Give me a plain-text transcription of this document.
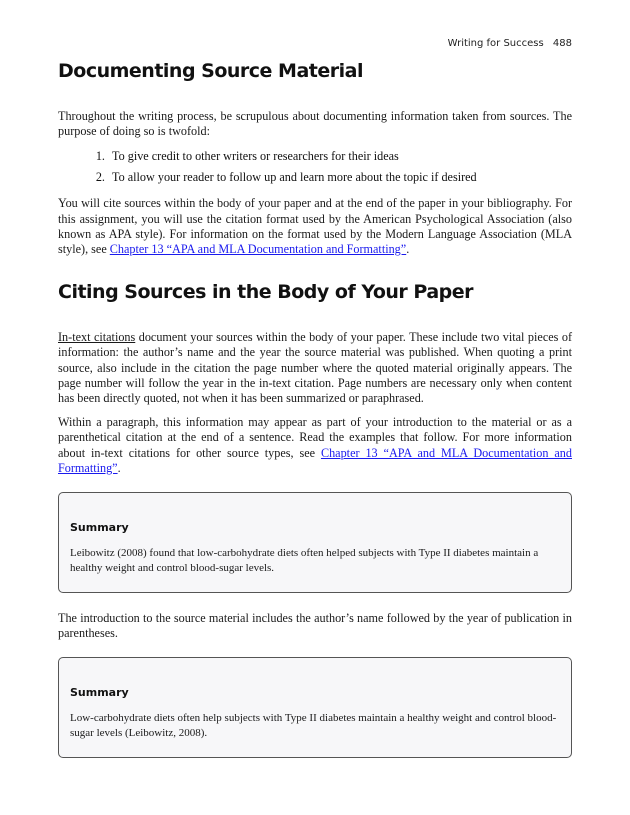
Writing for Success 488
Documenting Source Material

Throughout the writing process, be scrupulous about documenting information taken from sources. The purpose of doing so is twofold:

1. To give credit to other writers or researchers for their ideas
2. To allow your reader to follow up and learn more about the topic if desired

You will cite sources within the body of your paper and at the end of the paper in your bibliography. For this assignment, you will use the citation format used by the American Psychological Association (also known as APA style). For information on the format used by the Modern Language Association (MLA style), see Chapter 13 “APA and MLA Documentation and Formatting”.

Citing Sources in the Body of Your Paper

In-text citations document your sources within the body of your paper. These include two vital pieces of information: the author’s name and the year the source material was published. When quoting a print source, also include in the citation the page number where the quoted material originally appears. The page number will follow the year in the in-text citation. Page numbers are necessary only when content has been directly quoted, not when it has been summarized or paraphrased.

Within a paragraph, this information may appear as part of your introduction to the material or as a parenthetical citation at the end of a sentence. Read the examples that follow. For more information about in-text citations for other source types, see Chapter 13 “APA and MLA Documentation and Formatting”.

Summary

Leibowitz (2008) found that low-carbohydrate diets often helped subjects with Type II diabetes maintain a healthy weight and control blood-sugar levels.

The introduction to the source material includes the author’s name followed by the year of publication in parentheses.

Summary

Low-carbohydrate diets often help subjects with Type II diabetes maintain a healthy weight and control blood-sugar levels (Leibowitz, 2008).
